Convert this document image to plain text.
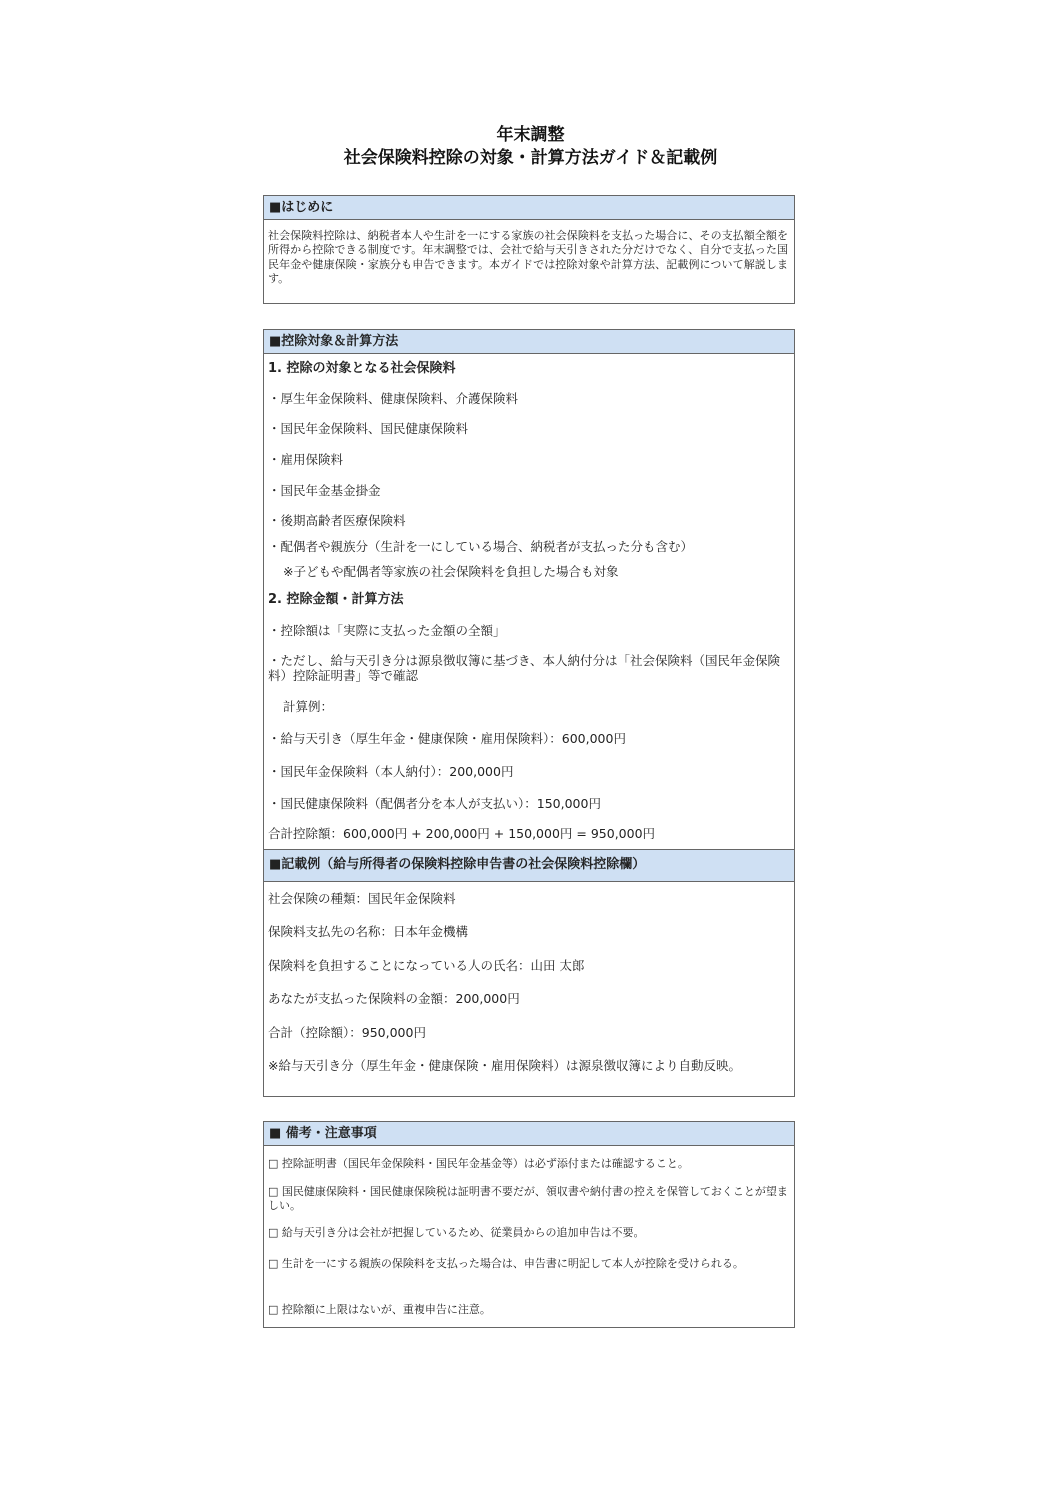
年末調整
社会保険料控除の対象・計算方法ガイド＆記載例
■はじめに
社会保険料控除は、納税者本人や生計を一にする家族の社会保険料を支払った場合に、その支払額全額を所得から控除できる制度です。年末調整では、会社で給与天引きされた分だけでなく、自分で支払った国民年金や健康保険・家族分も申告できます。本ガイドでは控除対象や計算方法、記載例について解説します。
■控除対象＆計算方法
1. 控除の対象となる社会保険料
・厚生年金保険料、健康保険料、介護保険料
・国民年金保険料、国民健康保険料
・雇用保険料
・国民年金基金掛金
・後期高齢者医療保険料
・配偶者や親族分（生計を一にしている場合、納税者が支払った分も含む）
※子どもや配偶者等家族の社会保険料を負担した場合も対象
2. 控除金額・計算方法
・控除額は「実際に支払った金額の全額」
・ただし、給与天引き分は源泉徴収簿に基づき、本人納付分は「社会保険料（国民年金保険料）控除証明書」等で確認
計算例：
・給与天引き（厚生年金・健康保険・雇用保険料）：600,000円
・国民年金保険料（本人納付）：200,000円
・国民健康保険料（配偶者分を本人が支払い）：150,000円
合計控除額：600,000円 + 200,000円 + 150,000円 = 950,000円
■記載例（給与所得者の保険料控除申告書の社会保険料控除欄）
社会保険の種類：国民年金保険料
保険料支払先の名称：日本年金機構
保険料を負担することになっている人の氏名：山田 太郎
あなたが支払った保険料の金額：200,000円
合計（控除額）：950,000円
※給与天引き分（厚生年金・健康保険・雇用保険料）は源泉徴収簿により自動反映。
■ 備考・注意事項
□ 控除証明書（国民年金保険料・国民年金基金等）は必ず添付または確認すること。
□ 国民健康保険料・国民健康保険税は証明書不要だが、領収書や納付書の控えを保管しておくことが望ましい。
□ 給与天引き分は会社が把握しているため、従業員からの追加申告は不要。
□ 生計を一にする親族の保険料を支払った場合は、申告書に明記して本人が控除を受けられる。
□ 控除額に上限はないが、重複申告に注意。
